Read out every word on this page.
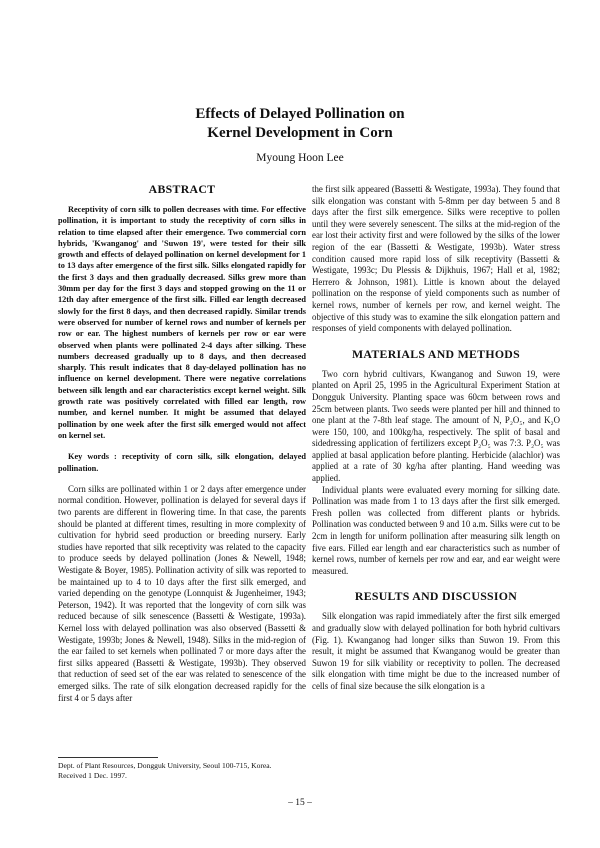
Effects of Delayed Pollination on
Kernel Development in Corn
Myoung Hoon Lee
ABSTRACT

Receptivity of corn silk to pollen decreases with time. For effective pollination, it is important to study the receptivity of corn silks in relation to time elapsed after their emergence. Two commercial corn hybrids, 'Kwanganog' and 'Suwon 19', were tested for their silk growth and effects of delayed pollination on kernel development for 1 to 13 days after emergence of the first silk. Silks elongated rapidly for the first 3 days and then gradually decreased. Silks grew more than 30mm per day for the first 3 days and stopped growing on the 11 or 12th day after emergence of the first silk. Filled ear length decreased slowly for the first 8 days, and then decreased rapidly. Similar trends were observed for number of kernel rows and number of kernels per row or ear. The highest numbers of kernels per row or ear were observed when plants were pollinated 2-4 days after silking. These numbers decreased gradually up to 8 days, and then decreased sharply. This result indicates that 8 day-delayed pollination has no influence on kernel development. There were negative correlations between silk length and ear characteristics except kernel weight. Silk growth rate was positively correlated with filled ear length, row number, and kernel number. It might be assumed that delayed pollination by one week after the first silk emerged would not affect on kernel set.

Key words : receptivity of corn silk, silk elongation, delayed pollination.

Corn silks are pollinated within 1 or 2 days after emergence under normal condition. However, pollination is delayed for several days if two parents are different in flowering time. In that case, the parents should be planted at different times, resulting in more complexity of cultivation for hybrid seed production or breeding nursery. Early studies have reported that silk receptivity was related to the capacity to produce seeds by delayed pollination (Jones & Newell, 1948; Westigate & Boyer, 1985). Pollination activity of silk was reported to be maintained up to 4 to 10 days after the first silk emerged, and varied depending on the genotype (Lonnquist & Jugenheimer, 1943; Peterson, 1942). It was reported that the longevity of corn silk was reduced because of silk senescence (Bassetti & Westigate, 1993a). Kernel loss with delayed pollination was also observed (Bassetti & Westigate, 1993b; Jones & Newell, 1948). Silks in the mid-region of the ear failed to set kernels when pollinated 7 or more days after the first silks appeared (Bassetti & Westigate, 1993b). They observed that reduction of seed set of the ear was related to senescence of the emerged silks. The rate of silk elongation decreased rapidly for the first 4 or 5 days after

the first silk appeared (Bassetti & Westigate, 1993a). They found that silk elongation was constant with 5-8mm per day between 5 and 8 days after the first silk emergence. Silks were receptive to pollen until they were severely senescent. The silks at the mid-region of the ear lost their activity first and were followed by the silks of the lower region of the ear (Bassetti & Westigate, 1993b). Water stress condition caused more rapid loss of silk receptivity (Bassetti & Westigate, 1993c; Du Plessis & Dijkhuis, 1967; Hall et al, 1982; Herrero & Johnson, 1981). Little is known about the delayed pollination on the response of yield components such as number of kernel rows, number of kernels per row, and kernel weight. The objective of this study was to examine the silk elongation pattern and responses of yield components with delayed pollination.

MATERIALS AND METHODS

Two corn hybrid cultivars, Kwanganog and Suwon 19, were planted on April 25, 1995 in the Agricultural Experiment Station at Dongguk University. Planting space was 60cm between rows and 25cm between plants. Two seeds were planted per hill and thinned to one plant at the 7-8th leaf stage. The amount of N, P₂O₅, and K₂O were 150, 100, and 100kg/ha, respectively. The split of basal and sidedressing application of fertilizers except P₂O₅ was 7:3. P₂O₅ was applied at basal application before planting. Herbicide (alachlor) was applied at a rate of 30 kg/ha after planting. Hand weeding was applied.

Individual plants were evaluated every morning for silking date. Pollination was made from 1 to 13 days after the first silk emerged. Fresh pollen was collected from different plants or hybrids. Pollination was conducted between 9 and 10 a.m. Silks were cut to be 2cm in length for uniform pollination after measuring silk length on five ears. Filled ear length and ear characteristics such as number of kernel rows, number of kernels per row and ear, and ear weight were measured.

RESULTS AND DISCUSSION

Silk elongation was rapid immediately after the first silk emerged and gradually slow with delayed pollination for both hybrid cultivars (Fig. 1). Kwanganog had longer silks than Suwon 19. From this result, it might be assumed that Kwanganog would be greater than Suwon 19 for silk viability or receptivity to pollen. The decreased silk elongation with time might be due to the increased number of cells of final size because the silk elongation is a

Dept. of Plant Resources, Dongguk University, Seoul 100-715, Korea.
Received 1 Dec. 1997.
– 15 –
